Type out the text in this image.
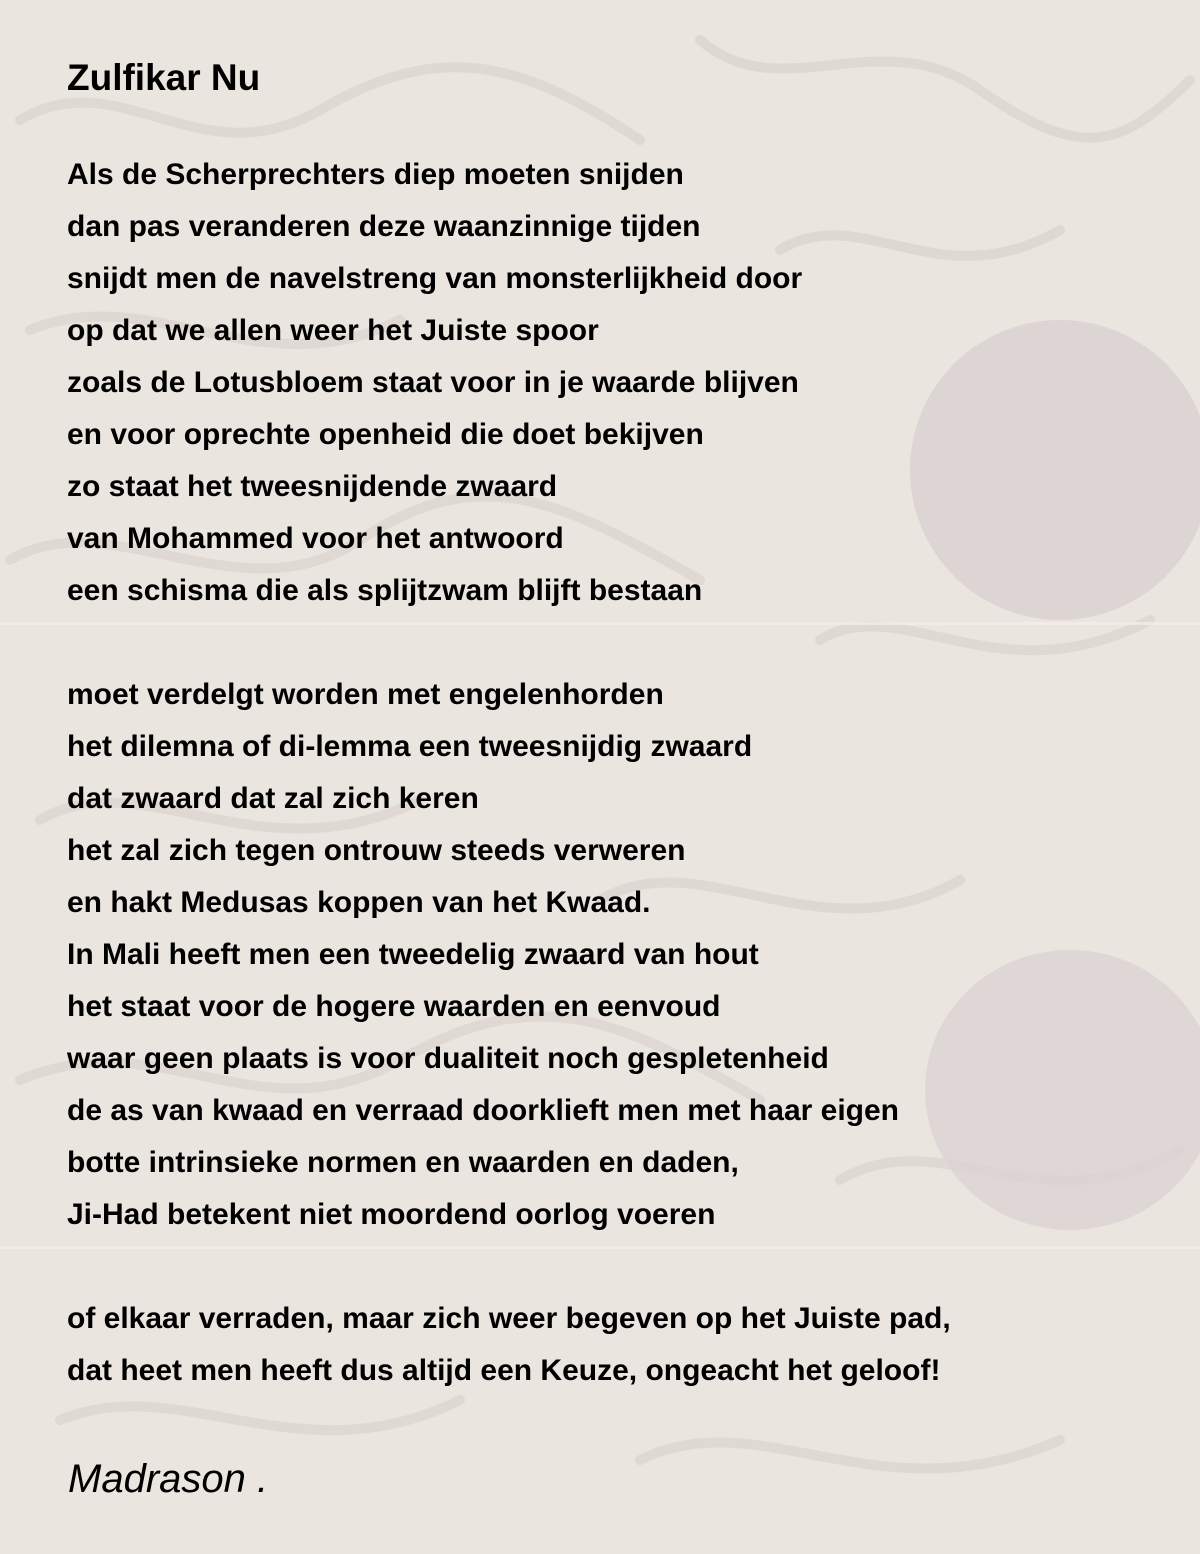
Zulfikar Nu
Als de Scherprechters diep moeten snijden
dan pas veranderen deze waanzinnige tijden
snijdt men de navelstreng van monsterlijkheid door
op dat we allen weer het Juiste spoor
zoals de Lotusbloem staat voor in je waarde blijven
en voor oprechte openheid die doet bekijven
zo staat het tweesnijdende zwaard
van Mohammed voor het antwoord
een schisma die als splijtzwam blijft bestaan
moet verdelgt worden met engelenhorden
het dilemna of di-lemma een tweesnijdig zwaard
dat zwaard dat zal zich keren
het zal zich tegen ontrouw steeds verweren
en hakt Medusas koppen van het Kwaad.
In Mali heeft men een tweedelig zwaard van hout
het staat voor de hogere waarden en eenvoud
waar geen plaats is voor dualiteit noch gespletenheid
de as van kwaad en verraad doorklieft men met haar eigen
botte intrinsieke normen en waarden en daden,
Ji-Had betekent niet moordend oorlog voeren
of elkaar verraden, maar zich weer begeven op het Juiste pad,
dat heet men heeft dus altijd een Keuze, ongeacht het geloof!
Madrason .
